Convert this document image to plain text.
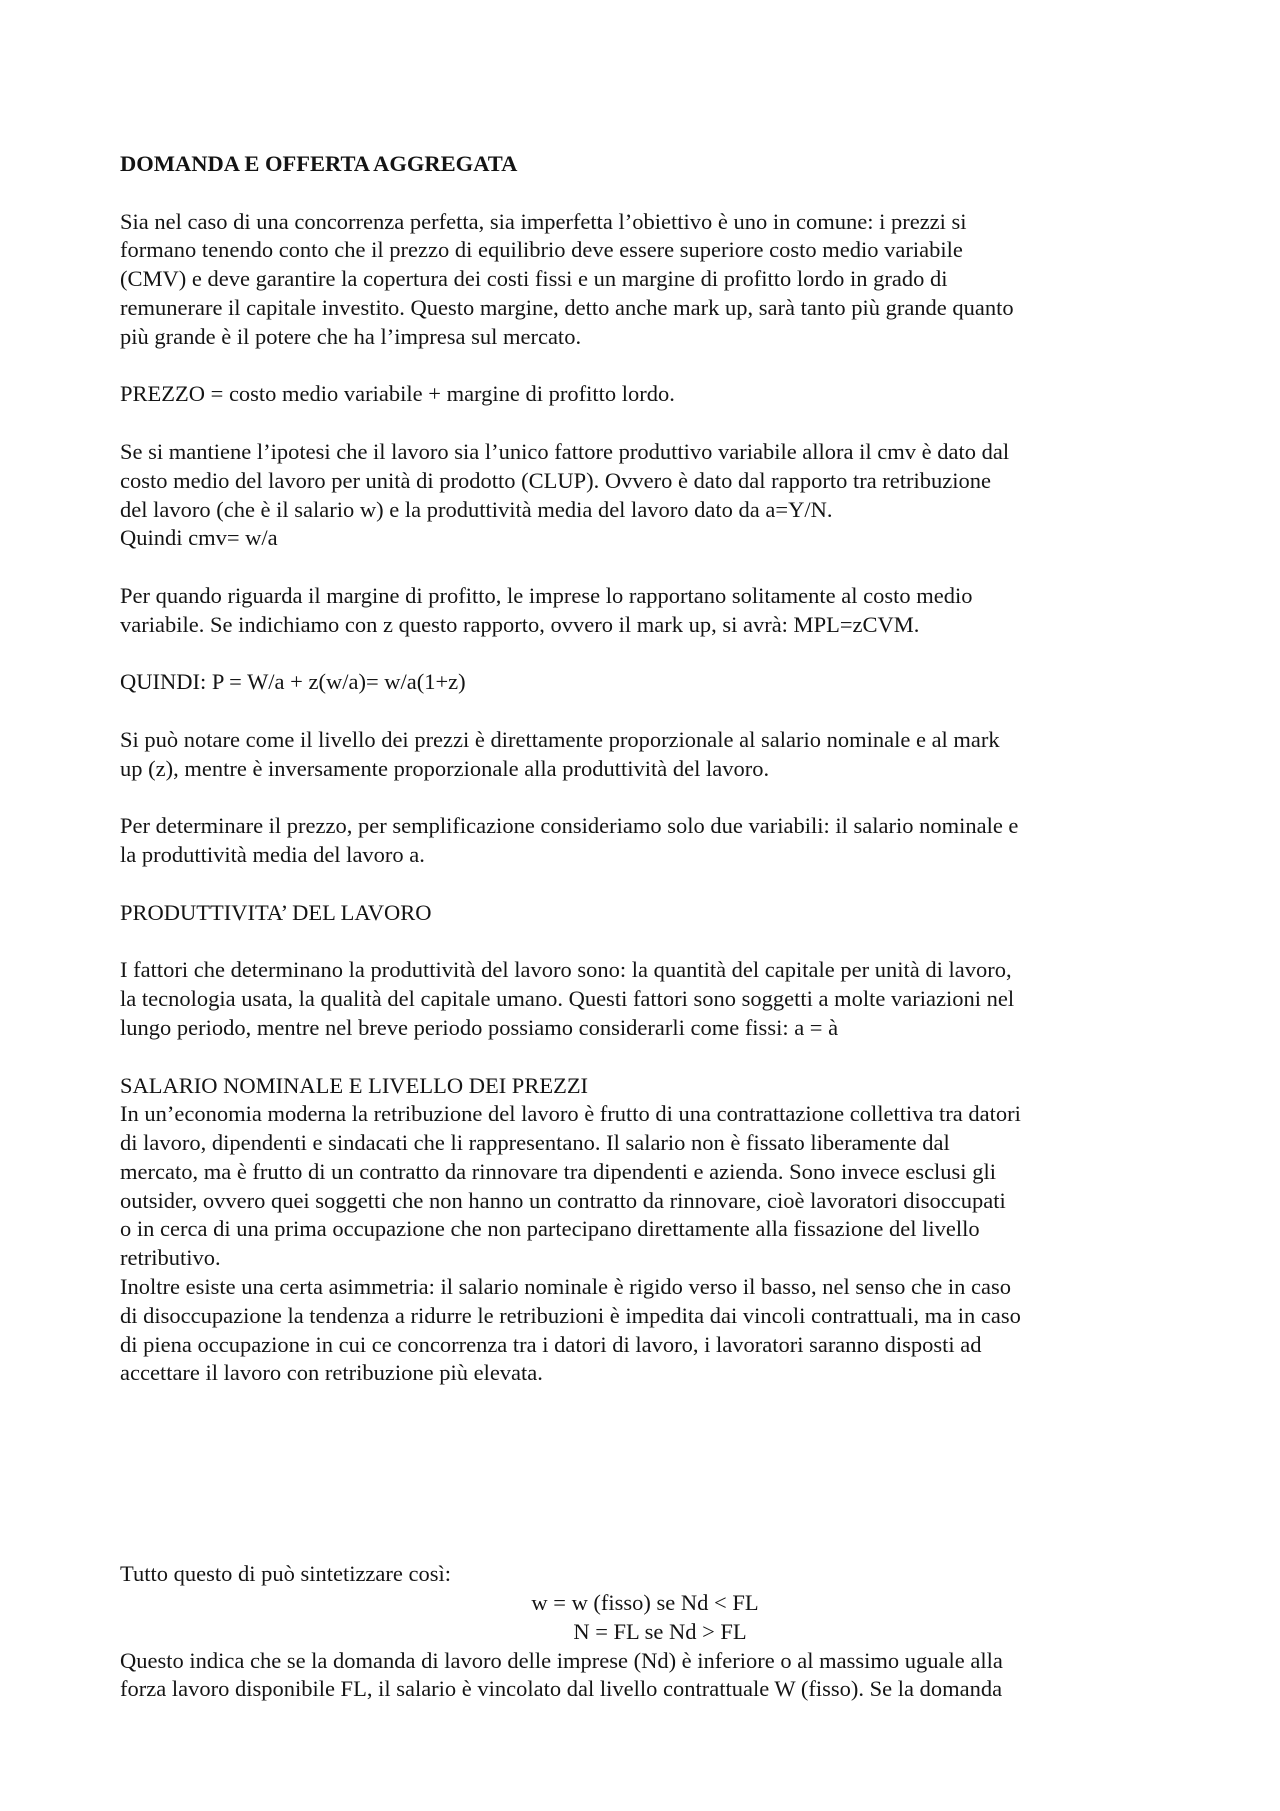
DOMANDA E OFFERTA AGGREGATA

Sia nel caso di una concorrenza perfetta, sia imperfetta l’obiettivo è uno in comune: i prezzi si
formano tenendo conto che il prezzo di equilibrio deve essere superiore costo medio variabile
(CMV) e deve garantire la copertura dei costi fissi e un margine di profitto lordo in grado di
remunerare il capitale investito. Questo margine, detto anche mark up, sarà tanto più grande quanto
più grande è il potere che ha l’impresa sul mercato.

PREZZO = costo medio variabile + margine di profitto lordo.

Se si mantiene l’ipotesi che il lavoro sia l’unico fattore produttivo variabile allora il cmv è dato dal
costo medio del lavoro per unità di prodotto (CLUP). Ovvero è dato dal rapporto tra retribuzione
del lavoro (che è il salario w) e la produttività media del lavoro dato da a=Y/N.
Quindi cmv= w/a

Per quando riguarda il margine di profitto, le imprese lo rapportano solitamente al costo medio
variabile. Se indichiamo con z questo rapporto, ovvero il mark up, si avrà: MPL=zCVM.

QUINDI: P = W/a + z(w/a)= w/a(1+z)

Si può notare come il livello dei prezzi è direttamente proporzionale al salario nominale e al mark
up (z), mentre è inversamente proporzionale alla produttività del lavoro.

Per determinare il prezzo, per semplificazione consideriamo solo due variabili: il salario nominale e
la produttività media del lavoro a.

PRODUTTIVITA’ DEL LAVORO

I fattori che determinano la produttività del lavoro sono: la quantità del capitale per unità di lavoro,
la tecnologia usata, la qualità del capitale umano. Questi fattori sono soggetti a molte variazioni nel
lungo periodo, mentre nel breve periodo possiamo considerarli come fissi: a = à

SALARIO NOMINALE E LIVELLO DEI PREZZI

In un’economia moderna la retribuzione del lavoro è frutto di una contrattazione collettiva tra datori
di lavoro, dipendenti e sindacati che li rappresentano. Il salario non è fissato liberamente dal
mercato, ma è frutto di un contratto da rinnovare tra dipendenti e azienda. Sono invece esclusi gli
outsider, ovvero quei soggetti che non hanno un contratto da rinnovare, cioè lavoratori disoccupati
o in cerca di una prima occupazione che non partecipano direttamente alla fissazione del livello
retributivo.

Inoltre esiste una certa asimmetria: il salario nominale è rigido verso il basso, nel senso che in caso
di disoccupazione la tendenza a ridurre le retribuzioni è impedita dai vincoli contrattuali, ma in caso
di piena occupazione in cui ce concorrenza tra i datori di lavoro, i lavoratori saranno disposti ad
accettare il lavoro con retribuzione più elevata.

Tutto questo di può sintetizzare così:

w = w (fisso) se Nd < FL

N = FL se Nd > FL

Questo indica che se la domanda di lavoro delle imprese (Nd) è inferiore o al massimo uguale alla
forza lavoro disponibile FL, il salario è vincolato dal livello contrattuale W (fisso). Se la domanda
